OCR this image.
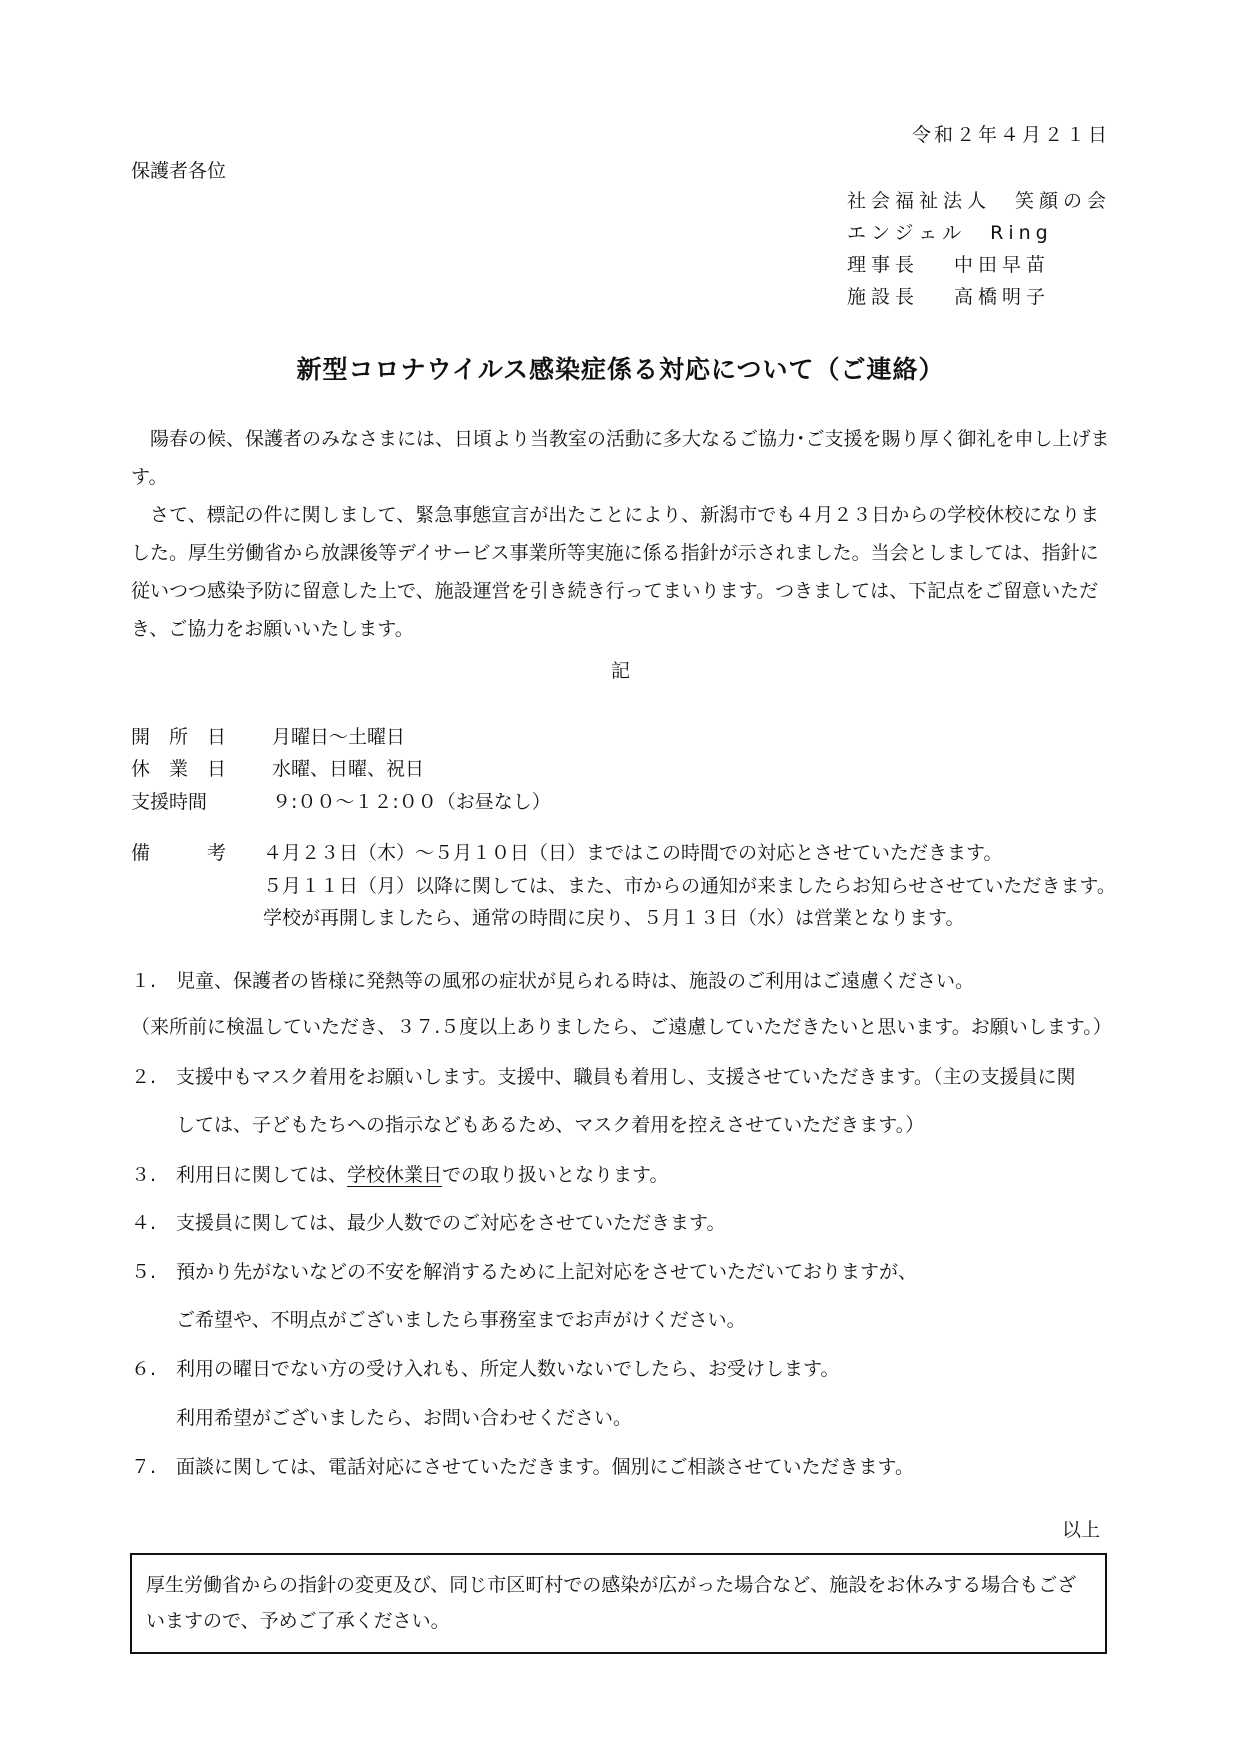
令和２年４月２１日
保護者各位
社会福祉法人　笑顔の会
エンジェル　Ring
理事長　 中田早苗
施設長　 高橋明子
新型コロナウイルス感染症係る対応について（ご連絡）
　陽春の候、保護者のみなさまには、日頃より当教室の活動に多大なるご協力･ご支援を賜り厚く御礼を申し上げます。
　さて、標記の件に関しまして、緊急事態宣言が出たことにより、新潟市でも４月２３日からの学校休校になりました。厚生労働省から放課後等デイサービス事業所等実施に係る指針が示されました。当会としましては、指針に従いつつ感染予防に留意した上で、施設運営を引き続き行ってまいります。つきましては、下記点をご留意いただき、ご協力をお願いいたします。
記
開　所　日 月曜日～土曜日
休　業　日 水曜、日曜、祝日
支援時間	９:００～１２:００（お昼なし）
備　　　考 ４月２３日（木）～５月１０日（日）まではこの時間での対応とさせていただきます。
５月１１日（月）以降に関しては、また、市からの通知が来ましたらお知らせさせていただきます。
学校が再開しましたら、通常の時間に戻り、５月１３日（水）は営業となります。
１. 児童、保護者の皆様に発熱等の風邪の症状が見られる時は、施設のご利用はご遠慮ください。
（来所前に検温していただき、３７.５度以上ありましたら、ご遠慮していただきたいと思います。お願いします。）
２. 支援中もマスク着用をお願いします。支援中、職員も着用し、支援させていただきます。（主の支援員に関
しては、子どもたちへの指示などもあるため、マスク着用を控えさせていただきます。）
３. 利用日に関しては、学校休業日での取り扱いとなります。
４. 支援員に関しては、最少人数でのご対応をさせていただきます。
５. 預かり先がないなどの不安を解消するために上記対応をさせていただいておりますが、
ご希望や、不明点がございましたら事務室までお声がけください。
６. 利用の曜日でない方の受け入れも、所定人数いないでしたら、お受けします。
利用希望がございましたら、お問い合わせください。
７. 面談に関しては、電話対応にさせていただきます。個別にご相談させていただきます。
以上
厚生労働省からの指針の変更及び、同じ市区町村での感染が広がった場合など、施設をお休みする場合もございますので、予めご了承ください。
